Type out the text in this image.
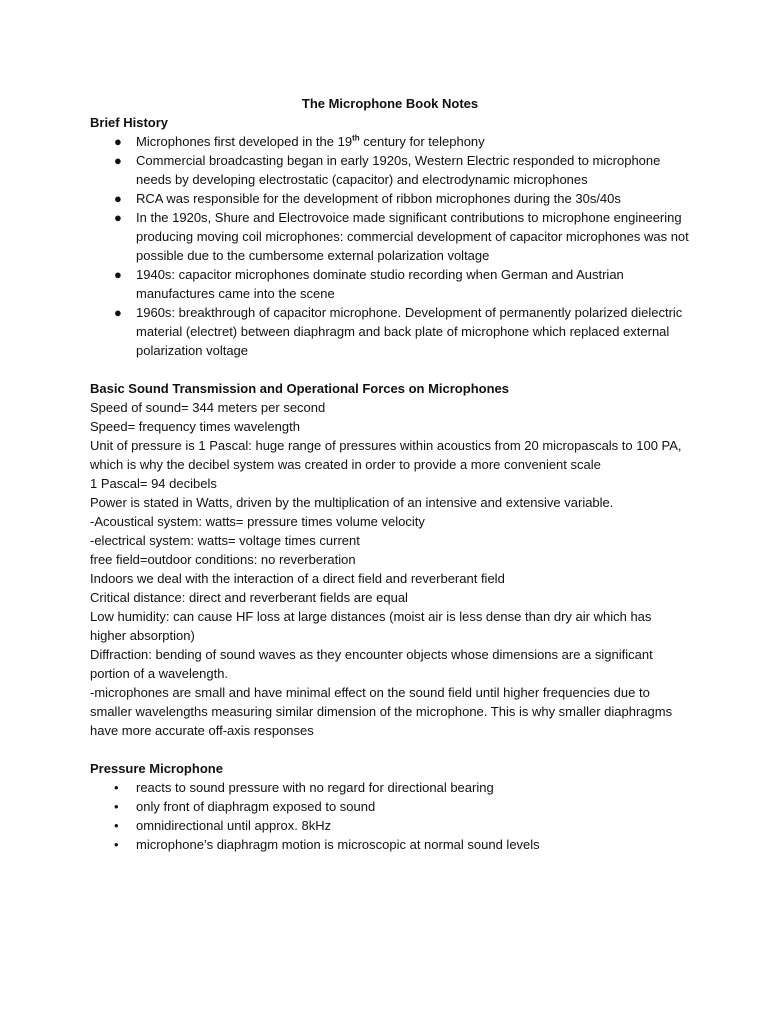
The Microphone Book Notes

Brief History

● Microphones first developed in the 19th century for telephony
● Commercial broadcasting began in early 1920s, Western Electric responded to microphone needs by developing electrostatic (capacitor) and electrodynamic microphones
● RCA was responsible for the development of ribbon microphones during the 30s/40s
● In the 1920s, Shure and Electrovoice made significant contributions to microphone engineering producing moving coil microphones: commercial development of capacitor microphones was not possible due to the cumbersome external polarization voltage
● 1940s: capacitor microphones dominate studio recording when German and Austrian manufactures came into the scene
● 1960s: breakthrough of capacitor microphone. Development of permanently polarized dielectric material (electret) between diaphragm and back plate of microphone which replaced external polarization voltage

Basic Sound Transmission and Operational Forces on Microphones

Speed of sound= 344 meters per second

Speed= frequency times wavelength

Unit of pressure is 1 Pascal: huge range of pressures within acoustics from 20 micropascals to 100 PA, which is why the decibel system was created in order to provide a more convenient scale

1 Pascal= 94 decibels

Power is stated in Watts, driven by the multiplication of an intensive and extensive variable.

-Acoustical system: watts= pressure times volume velocity

-electrical system: watts= voltage times current

free field=outdoor conditions: no reverberation

Indoors we deal with the interaction of a direct field and reverberant field

Critical distance: direct and reverberant fields are equal

Low humidity: can cause HF loss at large distances (moist air is less dense than dry air which has higher absorption)

Diffraction: bending of sound waves as they encounter objects whose dimensions are a significant portion of a wavelength.

-microphones are small and have minimal effect on the sound field until higher frequencies due to smaller wavelengths measuring similar dimension of the microphone. This is why smaller diaphragms have more accurate off-axis responses

Pressure Microphone

• reacts to sound pressure with no regard for directional bearing
• only front of diaphragm exposed to sound
• omnidirectional until approx. 8kHz
• microphone’s diaphragm motion is microscopic at normal sound levels
